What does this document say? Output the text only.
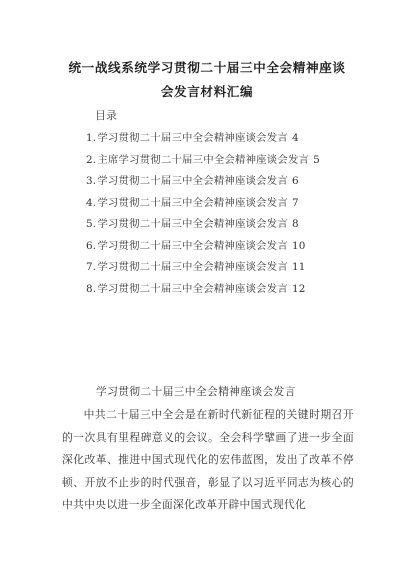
统一战线系统学习贯彻二十届三中全会精神座谈会发言材料汇编
目录
1.学习贯彻二十届三中全会精神座谈会发言 4
2.主席学习贯彻二十届三中全会精神座谈会发言 5
3.学习贯彻二十届三中全会精神座谈会发言 6
4.学习贯彻二十届三中全会精神座谈会发言 7
5.学习贯彻二十届三中全会精神座谈会发言 8
6.学习贯彻二十届三中全会精神座谈会发言 10
7.学习贯彻二十届三中全会精神座谈会发言 11
8.学习贯彻二十届三中全会精神座谈会发言 12
学习贯彻二十届三中全会精神座谈会发言

中共二十届三中全会是在新时代新征程的关键时期召开的一次具有里程碑意义的会议。全会科学擘画了进一步全面深化改革、推进中国式现代化的宏伟蓝图，发出了改革不停顿、开放不止步的时代强音，彰显了以习近平同志为核心的中共中央以进一步全面深化改革开辟中国式现代化
